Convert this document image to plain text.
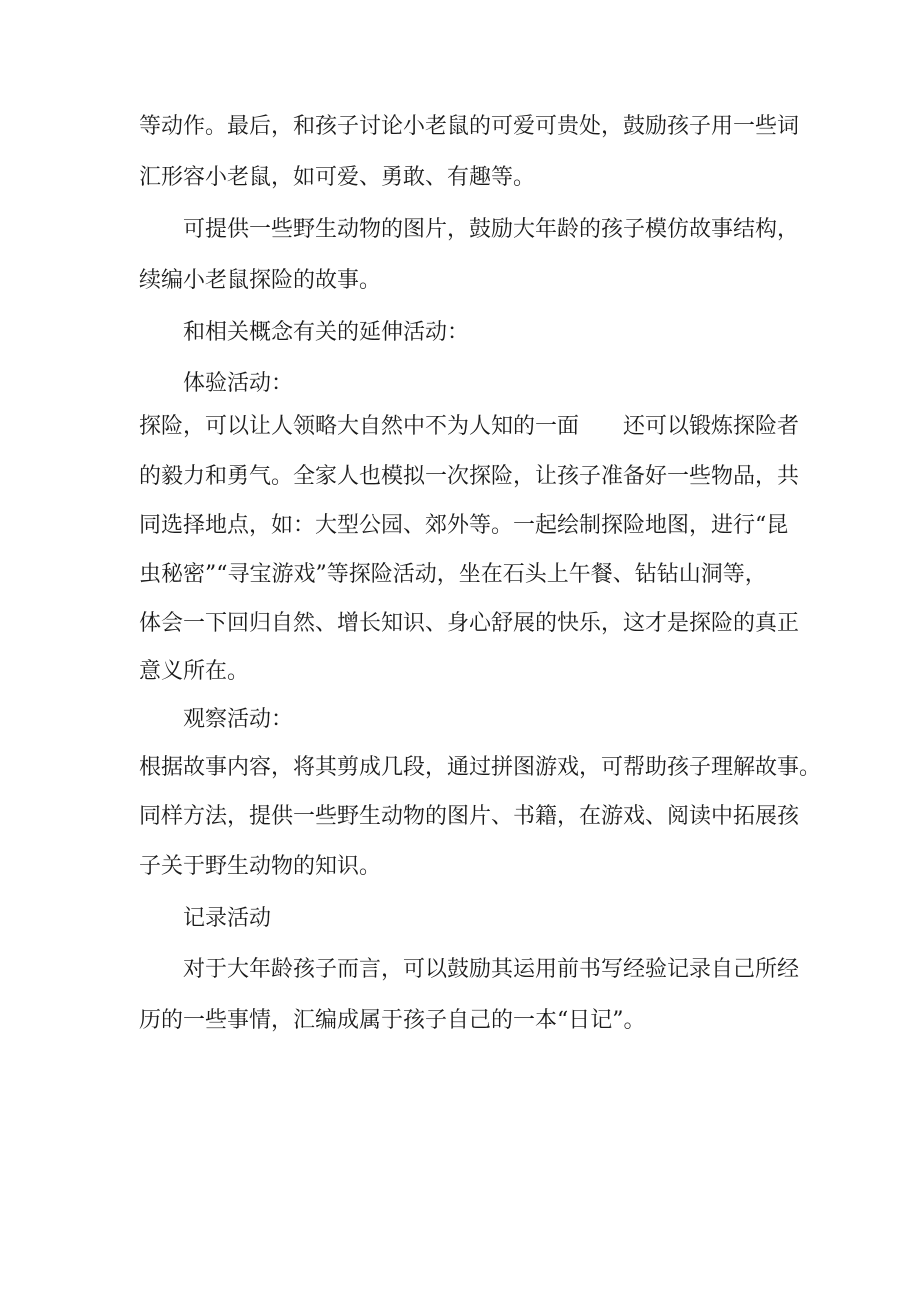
等动作。最后，和孩子讨论小老鼠的可爱可贵处，鼓励孩子用一些词
汇形容小老鼠，如可爱、勇敢、有趣等。
可提供一些野生动物的图片，鼓励大年龄的孩子模仿故事结构，
续编小老鼠探险的故事。
和相关概念有关的延伸活动：
体验活动：
探险，可以让人领略大自然中不为人知的一面　　还可以锻炼探险者
的毅力和勇气。全家人也模拟一次探险，让孩子准备好一些物品，共
同选择地点，如：大型公园、郊外等。一起绘制探险地图，进行“昆
虫秘密”“寻宝游戏”等探险活动，坐在石头上午餐、钻钻山洞等，
体会一下回归自然、增长知识、身心舒展的快乐，这才是探险的真正
意义所在。
观察活动：
根据故事内容，将其剪成几段，通过拼图游戏，可帮助孩子理解故事。
同样方法，提供一些野生动物的图片、书籍，在游戏、阅读中拓展孩
子关于野生动物的知识。
记录活动
对于大年龄孩子而言，可以鼓励其运用前书写经验记录自己所经
历的一些事情，汇编成属于孩子自己的一本“日记”。
